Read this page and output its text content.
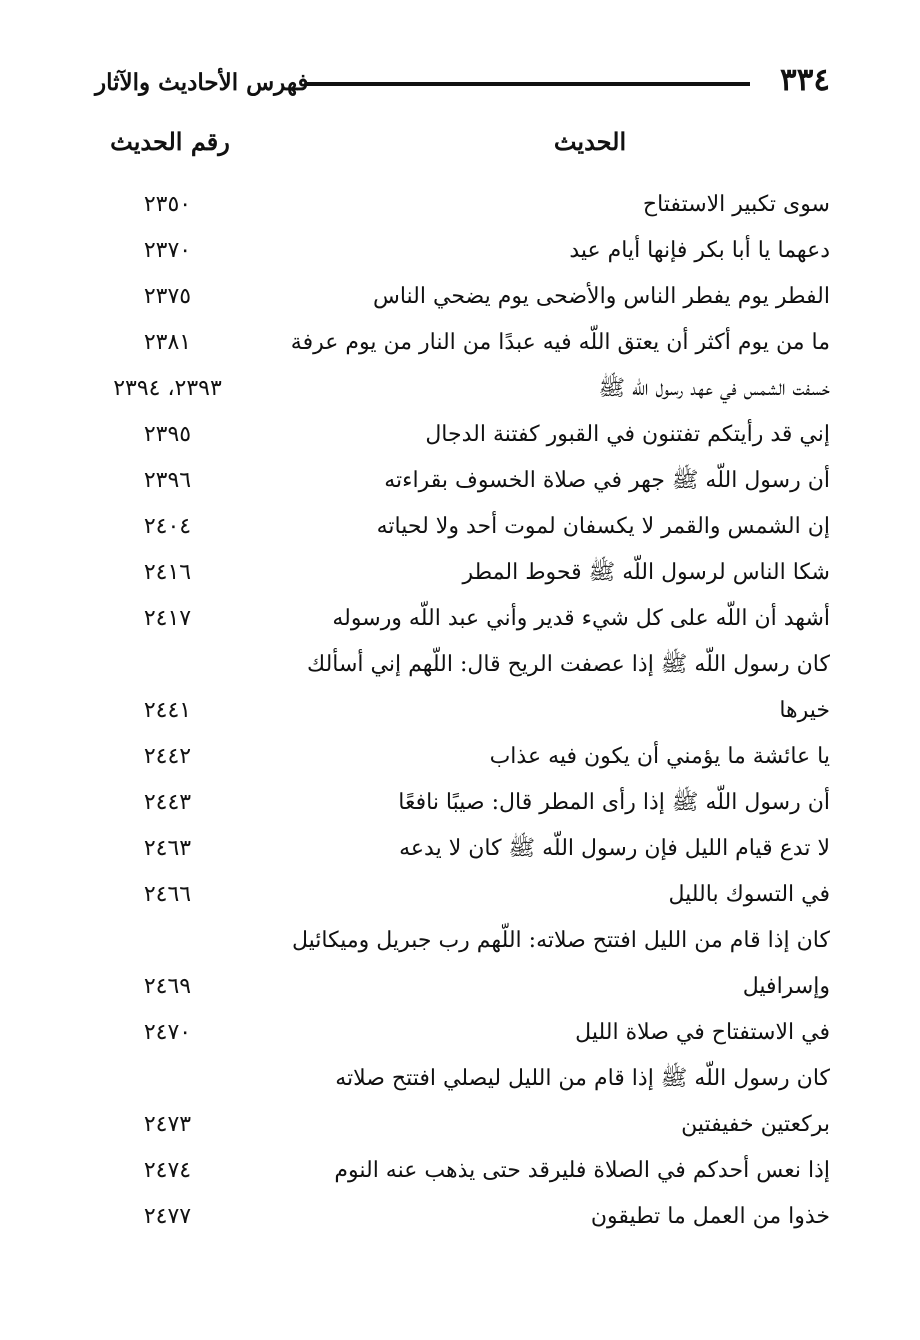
٣٣٤
فهرس الأحاديث والآثار
الحديث
رقم الحديث
سوى تكبير الاستفتاح
٢٣٥٠
دعهما يا أبا بكر فإنها أيام عيد
٢٣٧٠
الفطر يوم يفطر الناس والأضحى يوم يضحي الناس
٢٣٧٥
ما من يوم أكثر أن يعتق اللّه فيه عبدًا من النار من يوم عرفة
٢٣٨١
خسفت الشمس في عهد رسول اللّه ﷺ
٢٣٩٣، ٢٣٩٤
إني قد رأيتكم تفتنون في القبور كفتنة الدجال
٢٣٩٥
أن رسول اللّه ﷺ جهر في صلاة الخسوف بقراءته
٢٣٩٦
إن الشمس والقمر لا يكسفان لموت أحد ولا لحياته
٢٤٠٤
شكا الناس لرسول اللّه ﷺ قحوط المطر
٢٤١٦
أشهد أن اللّه على كل شيء قدير وأني عبد اللّه ورسوله
٢٤١٧
كان رسول اللّه ﷺ إذا عصفت الريح قال: اللّهم إني أسألك
خيرها
٢٤٤١
يا عائشة ما يؤمني أن يكون فيه عذاب
٢٤٤٢
أن رسول اللّه ﷺ إذا رأى المطر قال: صيبًا نافعًا
٢٤٤٣
لا تدع قيام الليل فإن رسول اللّه ﷺ كان لا يدعه
٢٤٦٣
في التسوك بالليل
٢٤٦٦
كان إذا قام من الليل افتتح صلاته: اللّهم رب جبريل وميكائيل
وإسرافيل
٢٤٦٩
في الاستفتاح في صلاة الليل
٢٤٧٠
كان رسول اللّه ﷺ إذا قام من الليل ليصلي افتتح صلاته
بركعتين خفيفتين
٢٤٧٣
إذا نعس أحدكم في الصلاة فليرقد حتى يذهب عنه النوم
٢٤٧٤
خذوا من العمل ما تطيقون
٢٤٧٧
